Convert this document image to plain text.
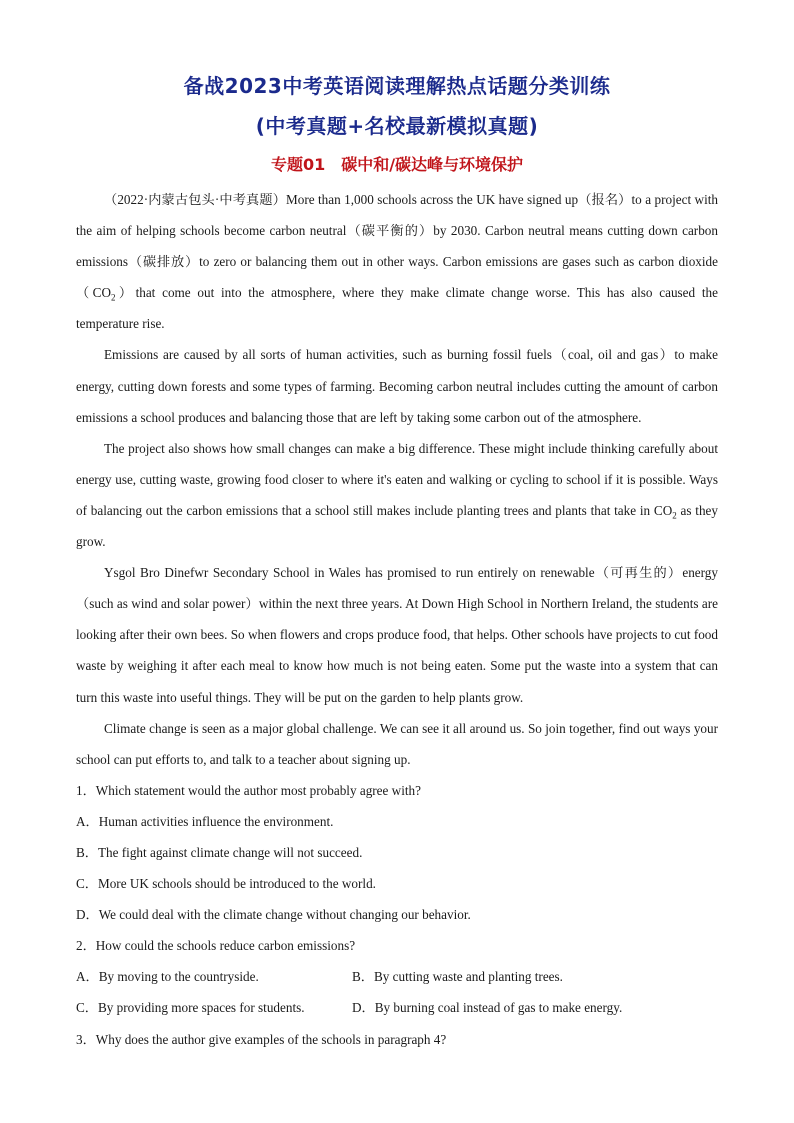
备战2023中考英语阅读理解热点话题分类训练
(中考真题+名校最新模拟真题)
专题01　碳中和/碳达峰与环境保护

（2022·内蒙古包头·中考真题）More than 1,000 schools across the UK have signed up（报名）to a project with the aim of helping schools become carbon neutral（碳平衡的）by 2030. Carbon neutral means cutting down carbon emissions（碳排放）to zero or balancing them out in other ways. Carbon emissions are gases such as carbon $dioxide(CO_2)that$ come out into the atmosphere, where they make climate change worse. This has also caused the temperature rise.

Emissions are caused by all sorts of human activities, such as burning fossil fuels（coal, oil and gas）to make energy, cutting down forests and some types of farming. Becoming carbon neutral includes cutting the amount of carbon emissions a school produces and balancing those that are left by taking some carbon out of the atmosphere.

The project also shows how small changes can make a big difference. These might include thinking carefully about energy use, cutting waste, growing food closer to where it's eaten and walking or cycling to school if it is possible. Ways of balancing out the carbon emissions that a school still makes include planting trees and plants that take in $CO_2$ as they grow.

Ysgol Bro Dinefwr Secondary School in Wales has promised to run entirely on renewable（可再生的）energy（such as wind and solar power）within the next three years. At Down High School in Northern Ireland, the students are looking after their own bees. So when flowers and crops produce food, that helps. Other schools have projects to cut food waste by weighing it after each meal to know how much is not being eaten. Some put the waste into a system that can turn this waste into useful things. They will be put on the garden to help plants grow.

Climate change is seen as a major global challenge. We can see it all around us. So join together, find out ways your school can put efforts to, and talk to a teacher about signing up.

1．Which statement would the author most probably agree with?

A．Human activities influence the environment.

B．The fight against climate change will not succeed.

C．More UK schools should be introduced to the world.

D．We could deal with the climate change without changing our behavior.

2．How could the schools reduce carbon emissions?

A．By moving to the countryside.	B．By cutting waste and planting trees.
C．By providing more spaces for students.	D．By burning coal instead of gas to make energy.

3．Why does the author give examples of the schools in paragraph 4?
